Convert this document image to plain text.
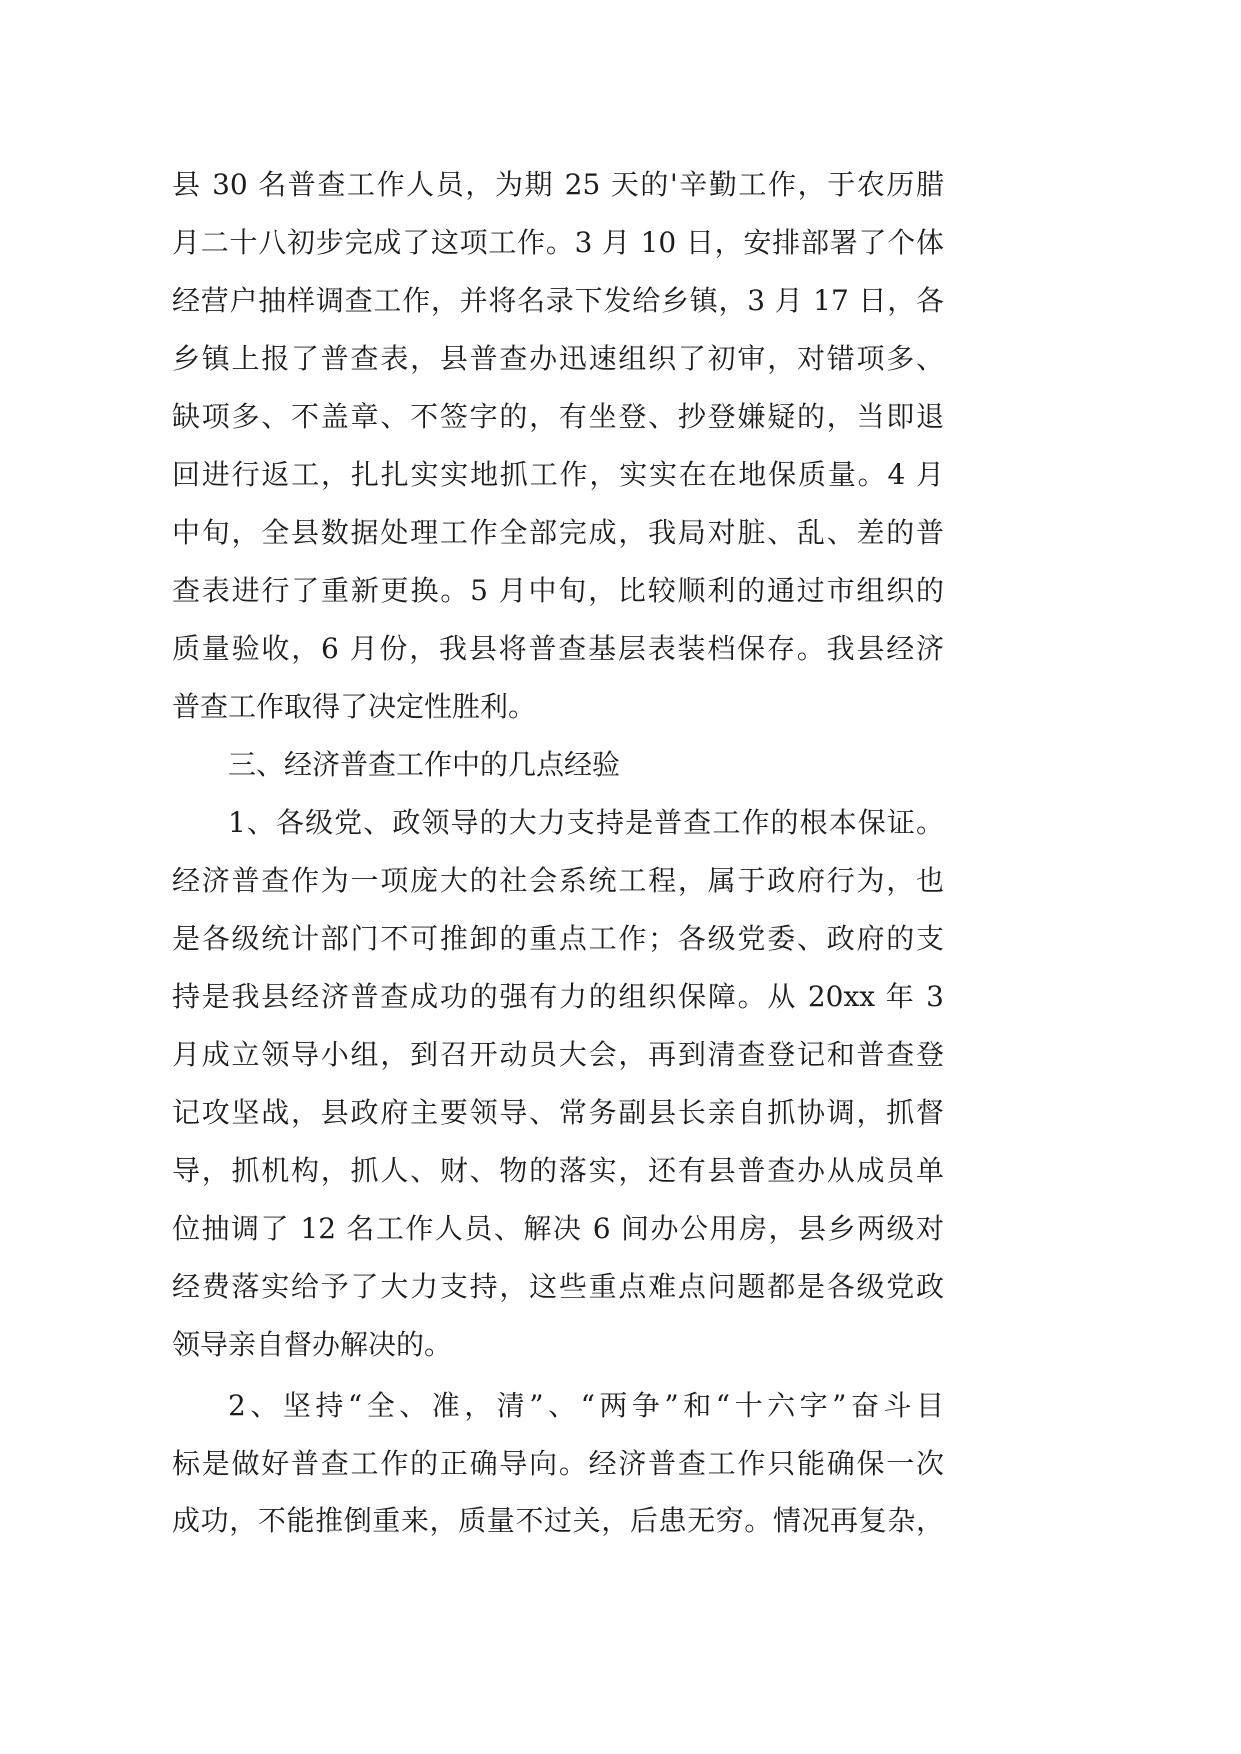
县 30 名普查工作人员，为期 25 天的'辛勤工作，于农历腊
月二十八初步完成了这项工作。3 月 10 日，安排部署了个体
经营户抽样调查工作，并将名录下发给乡镇，3 月 17 日，各
乡镇上报了普查表，县普查办迅速组织了初审，对错项多、
缺项多、不盖章、不签字的，有坐登、抄登嫌疑的，当即退
回进行返工，扎扎实实地抓工作，实实在在地保质量。4 月
中旬，全县数据处理工作全部完成，我局对脏、乱、差的普
查表进行了重新更换。5 月中旬，比较顺利的通过市组织的
质量验收，6 月份，我县将普查基层表装档保存。我县经济
普查工作取得了决定性胜利。
三、经济普查工作中的几点经验
1、各级党、政领导的大力支持是普查工作的根本保证。
经济普查作为一项庞大的社会系统工程，属于政府行为，也
是各级统计部门不可推卸的重点工作；各级党委、政府的支
持是我县经济普查成功的强有力的组织保障。从 20xx 年 3
月成立领导小组，到召开动员大会，再到清查登记和普查登
记攻坚战，县政府主要领导、常务副县长亲自抓协调，抓督
导，抓机构，抓人、财、物的落实，还有县普查办从成员单
位抽调了 12 名工作人员、解决 6 间办公用房，县乡两级对
经费落实给予了大力支持，这些重点难点问题都是各级党政
领导亲自督办解决的。
2、坚持“全、准，清”、“两争”和“十六字”奋斗目
标是做好普查工作的正确导向。经济普查工作只能确保一次
成功，不能推倒重来，质量不过关，后患无穷。情况再复杂，
